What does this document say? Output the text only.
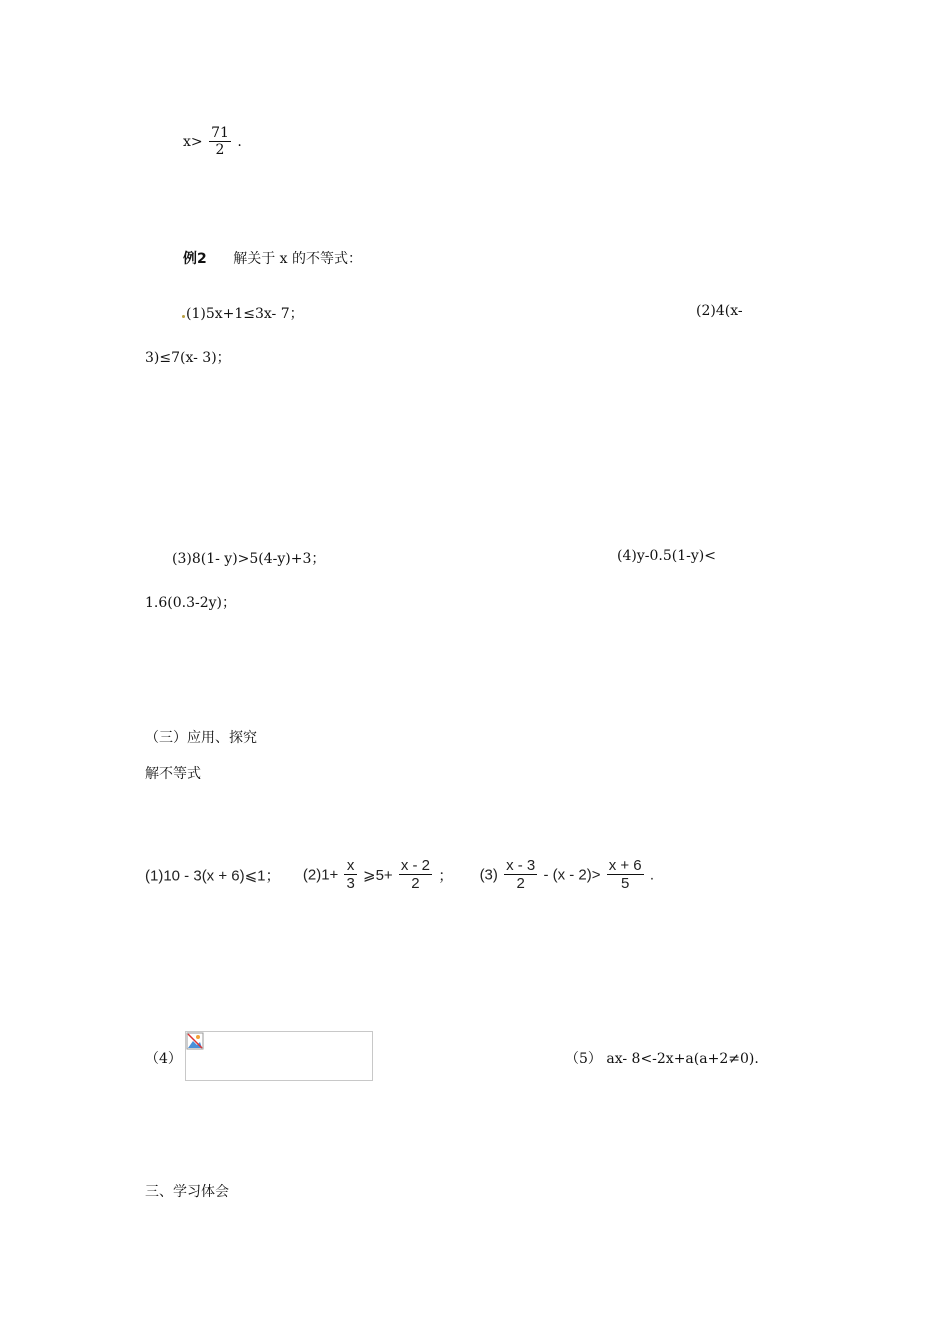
$x> \frac{71}{2}$ .
例2 解关于 x 的不等式：
(1)5x+1≤3x- 7；	(2)4(x-
3)≤7(x- 3)；
(3)8(1- y)>5(4-y)+3；	(4)y-0.5(1-y)<
1.6(0.3-2y)；
（三）应用、探究
解不等式
(1)10 - 3(x + 6)⩽1； $(2)1+ \frac{x}{3}$ ⩾5+ $\frac{x - 2}{2}$ ； $(3) \frac{x - 3}{2} - (x - 2)> \frac{x + 6}{5}$ .
（4）	（5） ax- 8<-2x+a(a+2≠0).
三、学习体会
